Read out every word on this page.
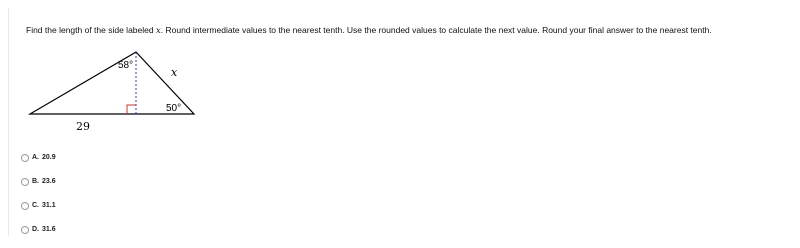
Find the length of the side labeled x. Round intermediate values to the nearest tenth. Use the rounded values to calculate the next value. Round your final answer to the nearest tenth.
58°
x
50°
29
A. 20.9
B. 23.6
C. 31.1
D. 31.6
